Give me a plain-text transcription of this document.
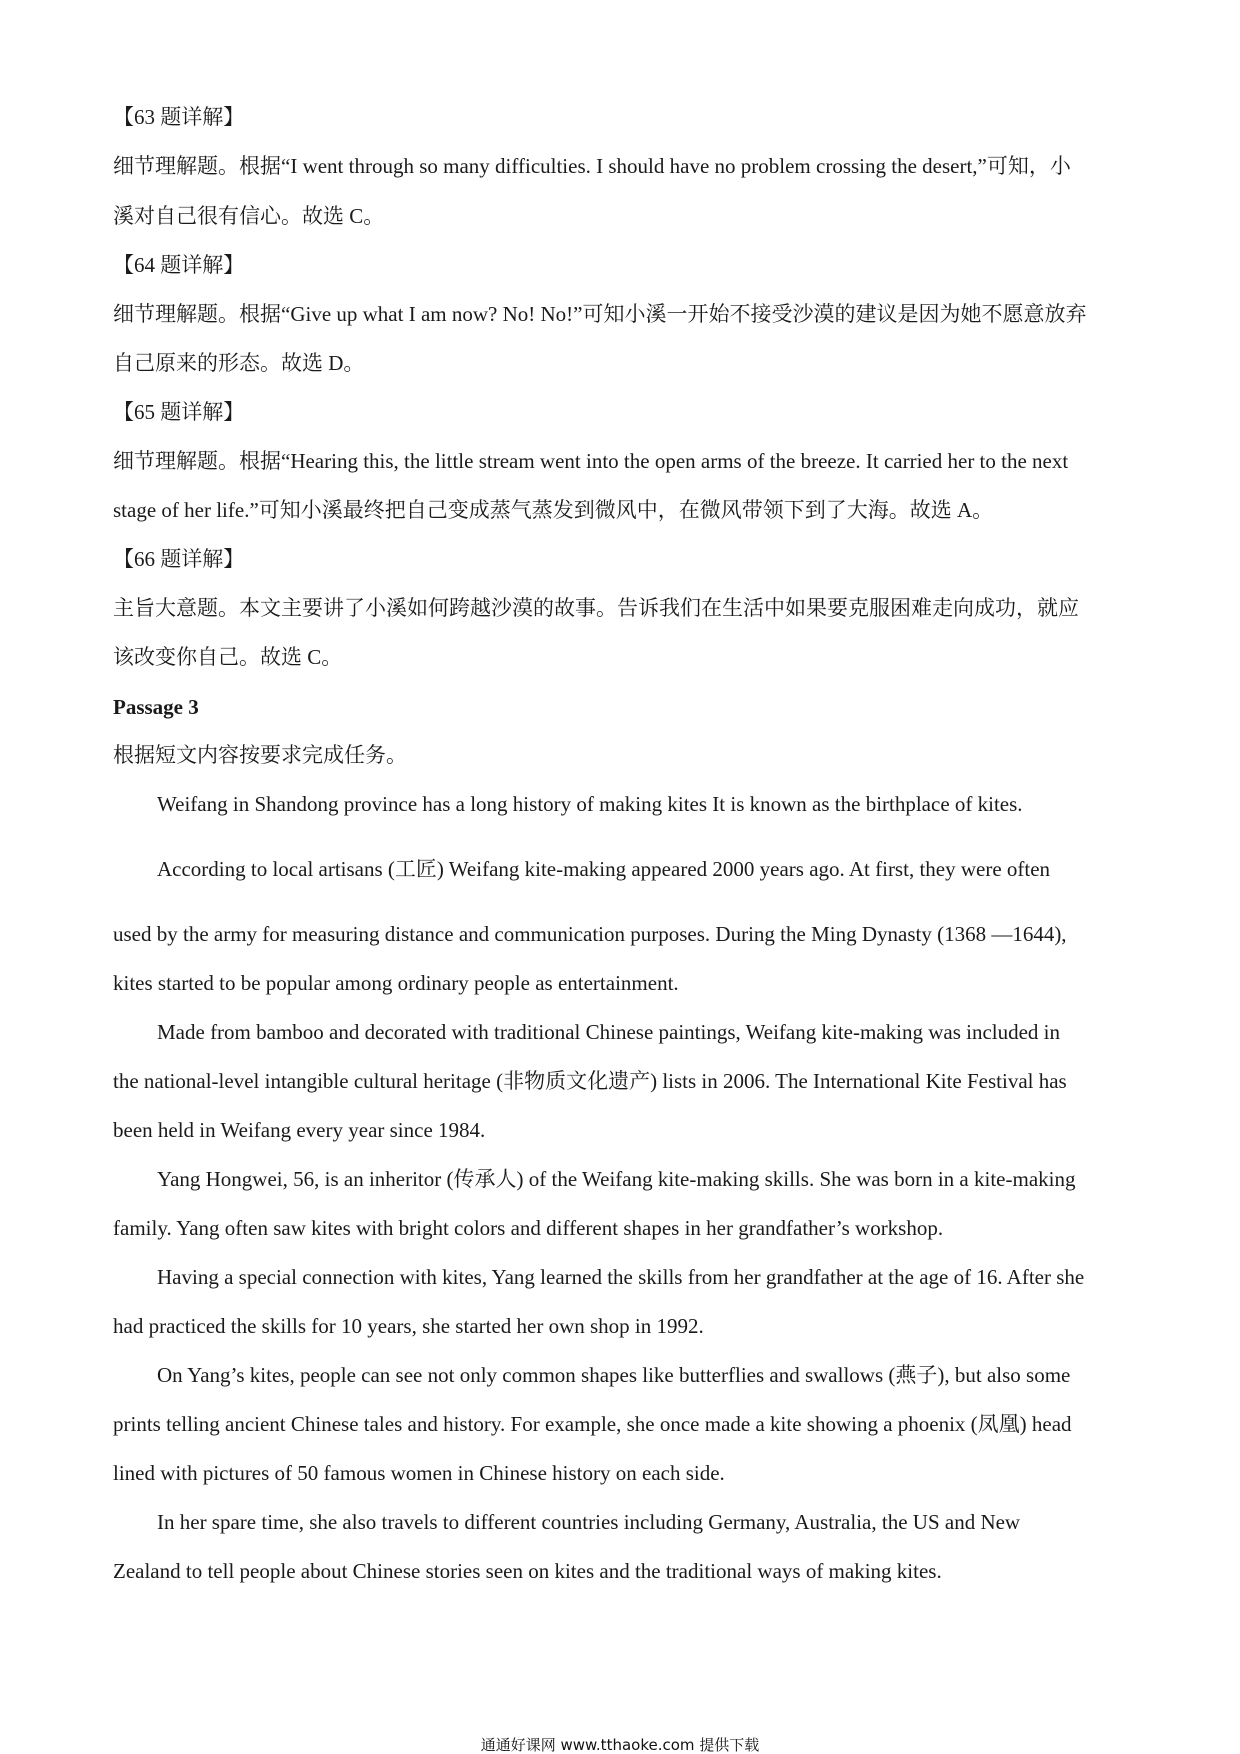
【63 题详解】
细节理解题。根据“I went through so many difficulties. I should have no problem crossing the desert,”可知，小
溪对自己很有信心。故选 C。
【64 题详解】
细节理解题。根据“Give up what I am now? No! No!”可知小溪一开始不接受沙漠的建议是因为她不愿意放弃
自己原来的形态。故选 D。
【65 题详解】
细节理解题。根据“Hearing this, the little stream went into the open arms of the breeze. It carried her to the next
stage of her life.”可知小溪最终把自己变成蒸气蒸发到微风中，在微风带领下到了大海。故选 A。
【66 题详解】
主旨大意题。本文主要讲了小溪如何跨越沙漠的故事。告诉我们在生活中如果要克服困难走向成功，就应
该改变你自己。故选 C。
Passage 3
根据短文内容按要求完成任务。
Weifang in Shandong province has a long history of making kites It is known as the birthplace of kites.
According to local artisans (工匠) Weifang kite-making appeared 2000 years ago. At first, they were often
used by the army for measuring distance and communication purposes. During the Ming Dynasty (1368 —1644),
kites started to be popular among ordinary people as entertainment.
Made from bamboo and decorated with traditional Chinese paintings, Weifang kite-making was included in
the national-level intangible cultural heritage (非物质文化遗产) lists in 2006. The International Kite Festival has
been held in Weifang every year since 1984.
Yang Hongwei, 56, is an inheritor (传承人) of the Weifang kite-making skills. She was born in a kite-making
family. Yang often saw kites with bright colors and different shapes in her grandfather’s workshop.
Having a special connection with kites, Yang learned the skills from her grandfather at the age of 16. After she
had practiced the skills for 10 years, she started her own shop in 1992.
On Yang’s kites, people can see not only common shapes like butterflies and swallows (燕子), but also some
prints telling ancient Chinese tales and history. For example, she once made a kite showing a phoenix (凤凰) head
lined with pictures of 50 famous women in Chinese history on each side.
In her spare time, she also travels to different countries including Germany, Australia, the US and New
Zealand to tell people about Chinese stories seen on kites and the traditional ways of making kites.
通通好课网 www.tthaoke.com 提供下载
